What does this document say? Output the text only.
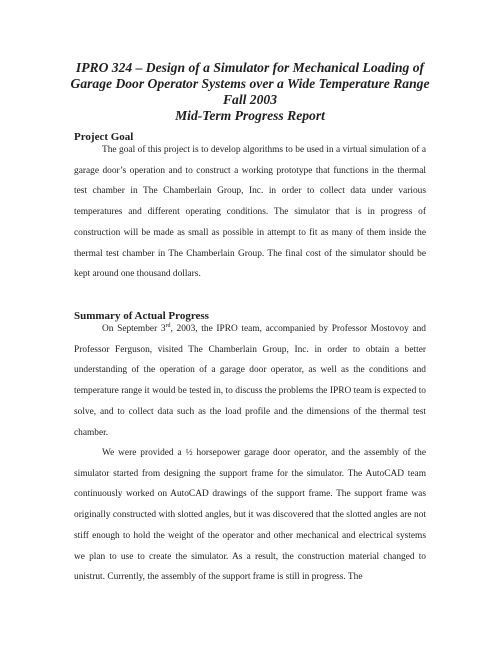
IPRO 324 – Design of a Simulator for Mechanical Loading of
Garage Door Operator Systems over a Wide Temperature Range
Fall 2003
Mid-Term Progress Report
Project Goal

The goal of this project is to develop algorithms to be used in a virtual simulation of a garage door’s operation and to construct a working prototype that functions in the thermal test chamber in The Chamberlain Group, Inc. in order to collect data under various temperatures and different operating conditions. The simulator that is in progress of construction will be made as small as possible in attempt to fit as many of them inside the thermal test chamber in The Chamberlain Group. The final cost of the simulator should be kept around one thousand dollars.

Summary of Actual Progress

On September 3rd, 2003, the IPRO team, accompanied by Professor Mostovoy and Professor Ferguson, visited The Chamberlain Group, Inc. in order to obtain a better understanding of the operation of a garage door operator, as well as the conditions and temperature range it would be tested in, to discuss the problems the IPRO team is expected to solve, and to collect data such as the load profile and the dimensions of the thermal test chamber.

We were provided a ½ horsepower garage door operator, and the assembly of the simulator started from designing the support frame for the simulator. The AutoCAD team continuously worked on AutoCAD drawings of the support frame. The support frame was originally constructed with slotted angles, but it was discovered that the slotted angles are not stiff enough to hold the weight of the operator and other mechanical and electrical systems we plan to use to create the simulator. As a result, the construction material changed to unistrut. Currently, the assembly of the support frame is still in progress. The
